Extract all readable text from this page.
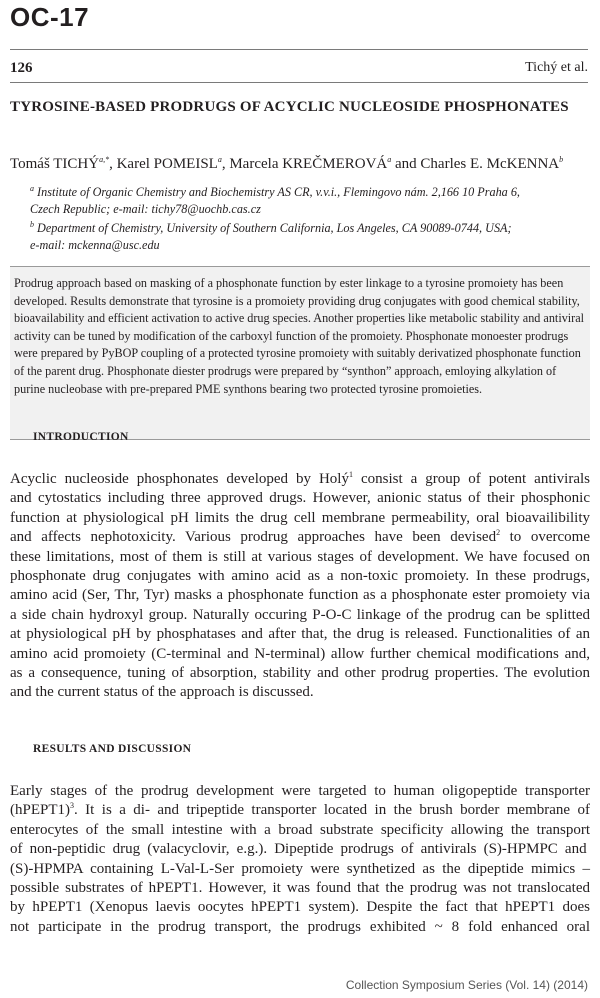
OC-17
126	Tichý et al.
TYROSINE-BASED PRODRUGS OF ACYCLIC NUCLEOSIDE PHOSPHONATES
Tomáš $TICHÝ^{a,*}$, Karel POMEISL$^a$, Marcela KREČMEROVÁ$^a$ and Charles E. McKENNA$^b$
$^a$ Institute of Organic Chemistry and Biochemistry AS CR, v.v.i., Flemingovo nám. 2,166 10 Praha 6,
Czech Republic; e-mail: tichy78@uochb.cas.cz
$^b$ Department of Chemistry, University of Southern California, Los Angeles, CA 90089-0744, USA;
e-mail: mckenna@usc.edu
Prodrug approach based on masking of a phosphonate function by ester linkage to a tyrosine promoiety has been
developed. Results demonstrate that tyrosine is a promoiety providing drug conjugates with good chemical stability,
bioavailability and efficient activation to active drug species. Another properties like metabolic stability and antiviral
activity can be tuned by modification of the carboxyl function of the promoiety. Phosphonate monoester prodrugs
were prepared by PyBOP coupling of a protected tyrosine promoiety with suitably derivatized phosphonate function
of the parent drug. Phosphonate diester prodrugs were prepared by “synthon” approach, emloying alkylation of
purine nucleobase with pre-prepared PME synthons bearing two protected tyrosine promoieties.
INTRODUCTION
Acyclic nucleoside phosphonates developed by Holý$^1$ consist a group of potent antivirals
and cytostatics including three approved drugs. However, anionic status of their phosphonic
function at physiological pH limits the drug cell membrane permeability, oral bioavailibility
and affects nephotoxicity. Various prodrug approaches have been devised$^2$ to overcome
these limitations, most of them is still at various stages of development. We have focused on
phosphonate drug conjugates with amino acid as a non-toxic promoiety. In these prodrugs,
amino acid (Ser, Thr, Tyr) masks a phosphonate function as a phosphonate ester promoiety via
a side chain hydroxyl group. Naturally occuring P-O-C linkage of the prodrug can be splitted
at physiological pH by phosphatases and after that, the drug is released. Functionalities of an
amino acid promoiety (C-terminal and N-terminal) allow further chemical modifications and,
as a consequence, tuning of absorption, stability and other prodrug properties. The evolution
and the current status of the approach is discussed.
RESULTS AND DISCUSSION
Early stages of the prodrug development were targeted to human oligopeptide transporter
(hPEPT1)$^3$. It is a di- and tripeptide transporter located in the brush border membrane of
enterocytes of the small intestine with a broad substrate specificity allowing the transport
of non-peptidic drug (valacyclovir, e.g.). Dipeptide prodrugs of antivirals (S)-HPMPC and
(S)-HPMPA containing L-Val-L-Ser promoiety were synthetized as the dipeptide mimics –
possible substrates of hPEPT1. However, it was found that the prodrug was not translocated
by hPEPT1 (Xenopus laevis oocytes hPEPT1 system). Despite the fact that hPEPT1 does
not participate in the prodrug transport, the prodrugs exhibited ~ 8 fold enhanced oral
Collection Symposium Series (Vol. 14) (2014)
